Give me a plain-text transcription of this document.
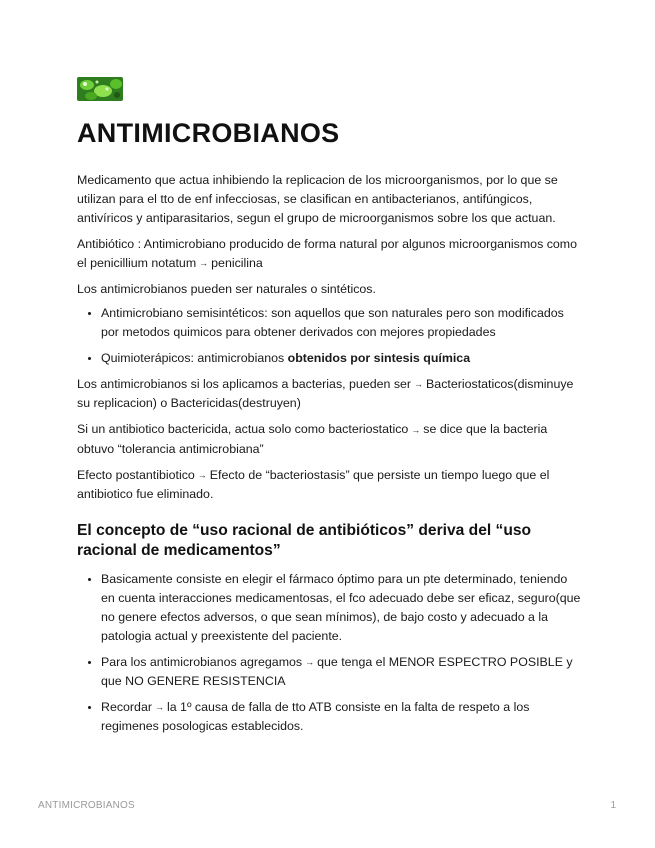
ANTIMICROBIANOS

Medicamento que actua inhibiendo la replicacion de los microorganismos, por lo que se utilizan para el tto de enf infecciosas, se clasifican en antibacterianos, antifúngicos, antivíricos y antiparasitarios, segun el grupo de microorganismos sobre los que actuan.

Antibiótico : Antimicrobiano producido de forma natural por algunos microorganismos como el penicillium notatum → penicilina

Los antimicrobianos pueden ser naturales o sintéticos.

• Antimicrobiano semisintéticos: son aquellos que son naturales pero son modificados por metodos quimicos para obtener derivados con mejores propiedades
• Quimioterápicos: antimicrobianos obtenidos por sintesis química

Los antimicrobianos si los aplicamos a bacterias, pueden ser → Bacteriostaticos(disminuye su replicacion) o Bactericidas(destruyen)

Si un antibiotico bactericida, actua solo como bacteriostatico → se dice que la bacteria obtuvo “tolerancia antimicrobiana”

Efecto postantibiotico → Efecto de “bacteriostasis” que persiste un tiempo luego que el antibiotico fue eliminado.

El concepto de “uso racional de antibióticos” deriva del “uso racional de medicamentos”
• Basicamente consiste en elegir el fármaco óptimo para un pte determinado, teniendo en cuenta interacciones medicamentosas, el fco adecuado debe ser eficaz, seguro(que no genere efectos adversos, o que sean mínimos), de bajo costo y adecuado a la patologia actual y preexistente del paciente.
• Para los antimicrobianos agregamos → que tenga el MENOR ESPECTRO POSIBLE y que NO GENERE RESISTENCIA
• Recordar → la 1º causa de falla de tto ATB consiste en la falta de respeto a los regimenes posologicas establecidos.
ANTIMICROBIANOS	1
